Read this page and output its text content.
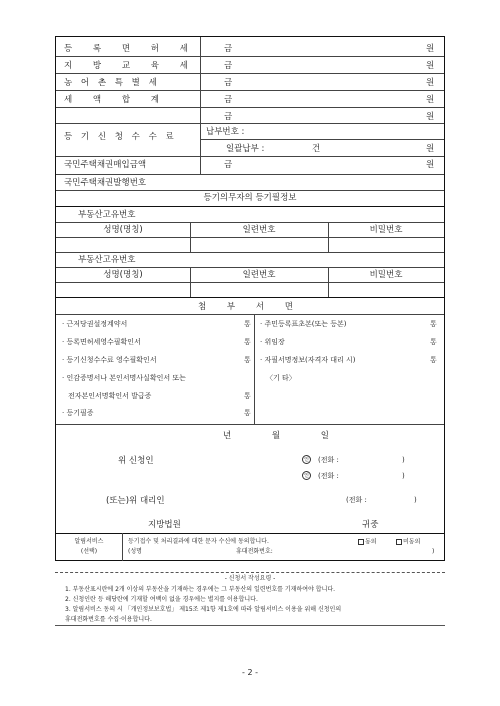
등 록 면 허 세	금	원
지 방 교 육 세	금	원
농 어 촌 특 별 세	금	원
세 액 합 계	금	원
금	원
등 기 신 청 수 수 료	납부번호 :
일괄납부 :	건	원
국민주택채권매입금액	금	원
국민주택채권발행번호
등기의무자의 등기필정보
부동산고유번호
성명(명칭)	일련번호	비밀번호
부동산고유번호
성명(명칭)	일련번호	비밀번호
첨 부 서 면
· 근저당권설정계약서	통
· 등록면허세영수필확인서	통
· 등기신청수수료 영수필확인서	통
· 인감증명서나 본인서명사실확인서 또는
전자본인서명확인서 발급증	통
· 등기필증	통
· 주민등록표초본(또는 등본)	통
· 위임장	통
· 자필서명정보(자격자 대리 시)	통
〈기 타〉
년 월 일
위 신청인	인 (전화 :	)
인 (전화 :	)
(또는)위 대리인	(전화 :	)
지방법원	귀중
알림서비스
(선택)
등기접수 및 처리결과에 대한 문자 수신에 동의합니다.	동의	미동의
(성명	휴대전화번호:	)
- 신청서 작성요령 -
1. 부동산표시란에 2개 이상의 부동산을 기재하는 경우에는 그 부동산의 일련번호를 기재하여야 합니다.
2. 신청인란 등 해당란에 기재할 여백이 없을 경우에는 별지를 이용합니다.
3. 알림서비스 동의 시 「개인정보보호법」 제15조 제1항 제1호에 따라 알림서비스 이용을 위해 신청인의
휴대전화번호를 수집·이용합니다.
- 2 -
